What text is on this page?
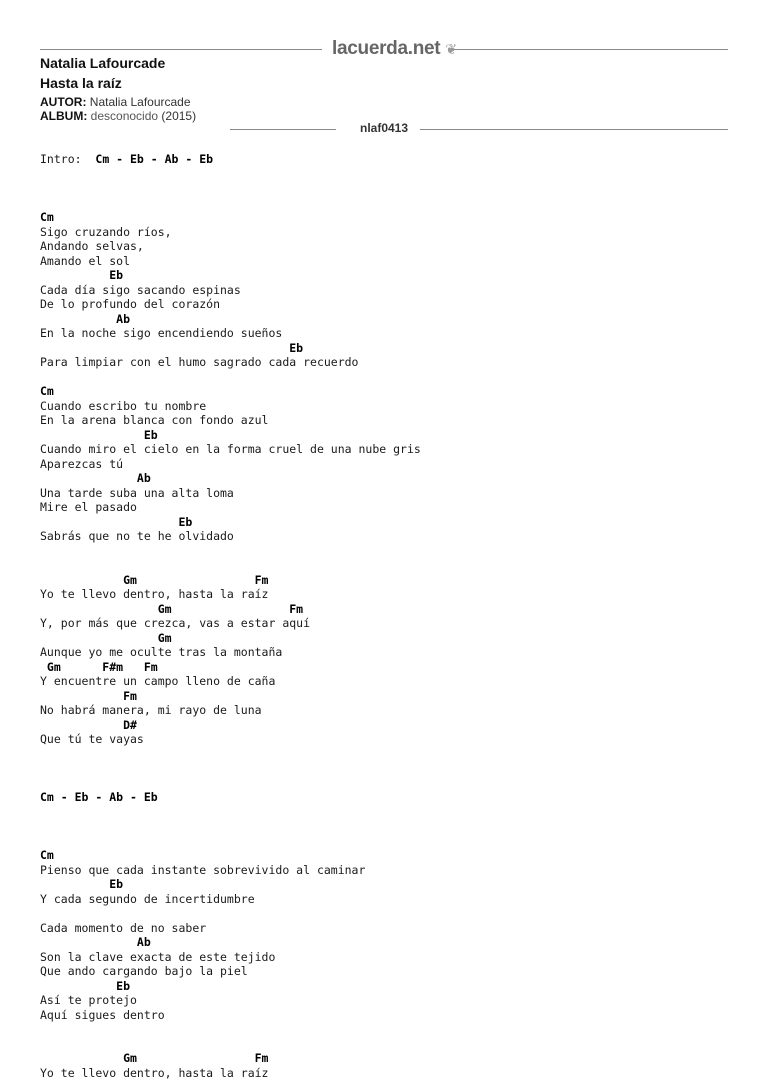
lacuerda.net ❦
Natalia Lafourcade
Hasta la raíz
AUTOR: Natalia Lafourcade
ALBUM: desconocido (2015)
nlaf0413
Intro:  Cm - Eb - Ab - Eb

Cm
Sigo cruzando ríos,
Andando selvas,
Amando el sol
Eb
Cada día sigo sacando espinas
De lo profundo del corazón
Ab
En la noche sigo encendiendo sueños
Eb
Para limpiar con el humo sagrado cada recuerdo

Cm
Cuando escribo tu nombre
En la arena blanca con fondo azul
Eb
Cuando miro el cielo en la forma cruel de una nube gris
Aparezcas tú
Ab
Una tarde suba una alta loma
Mire el pasado
Eb
Sabrás que no te he olvidado

Gm                 Fm
Yo te llevo dentro, hasta la raíz
Gm                 Fm
Y, por más que crezca, vas a estar aquí
Gm
Aunque yo me oculte tras la montaña
Gm      F#m   Fm
Y encuentre un campo lleno de caña
Fm
No habrá manera, mi rayo de luna
D#
Que tú te vayas

Cm - Eb - Ab - Eb

Cm
Pienso que cada instante sobrevivido al caminar
Eb
Y cada segundo de incertidumbre

Cada momento de no saber
Ab
Son la clave exacta de este tejido
Que ando cargando bajo la piel
Eb
Así te protejo
Aquí sigues dentro

Gm                 Fm
Yo te llevo dentro, hasta la raíz
